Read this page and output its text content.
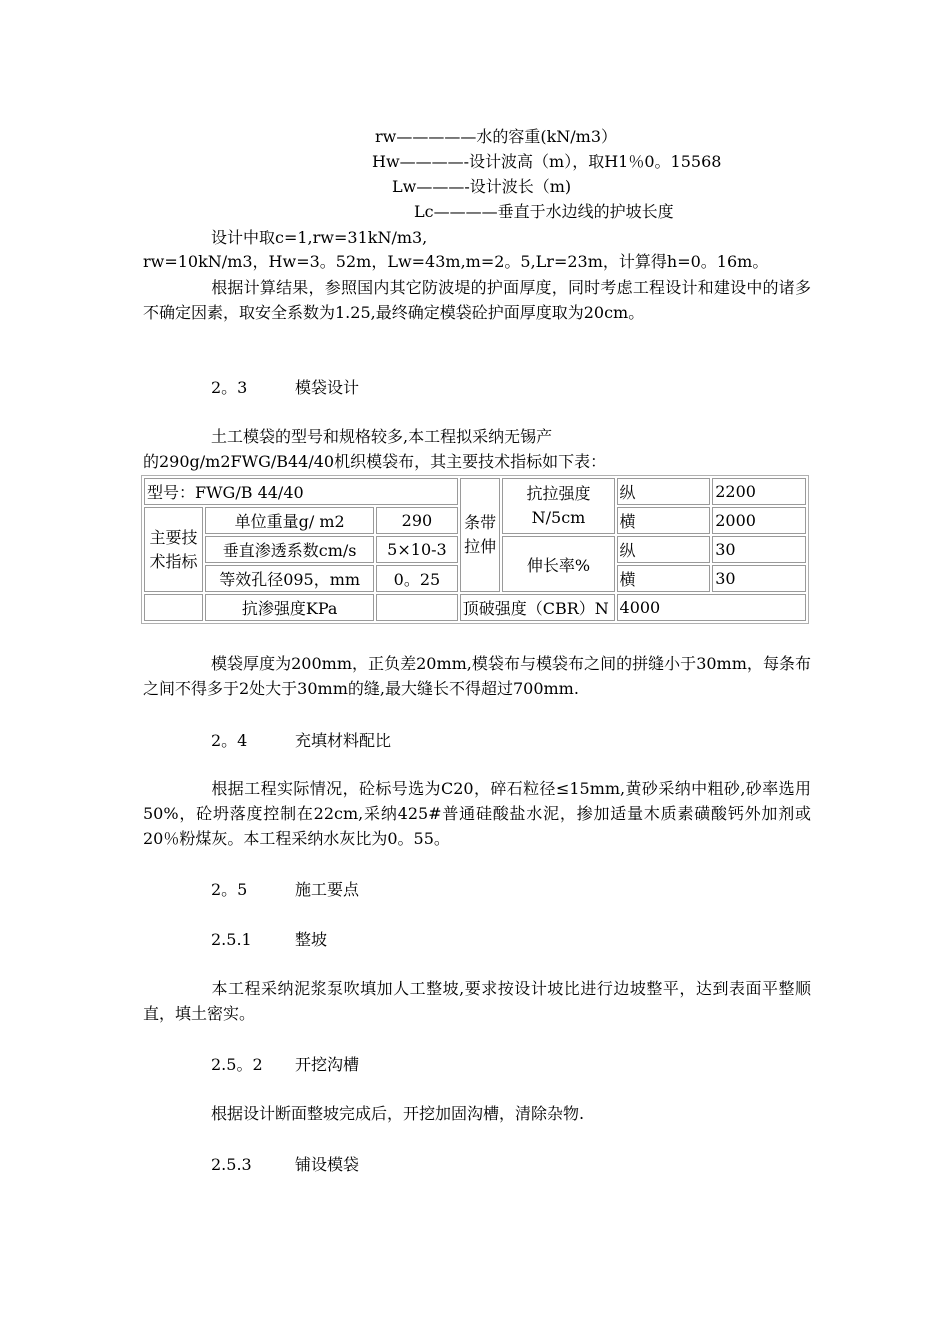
rw—————水的容重(kN/m3）
Hw————-设计波高（m），取H1％0。15568
Lw———-设计波长（m)
Lc————垂直于水边线的护坡长度
设计中取c=1,rw=31kN/m3,
rw=10kN/m3，Hw=3。52m，Lw=43m,m=2。5,Lr=23m，计算得h=0。16m。
根据计算结果，参照国内其它防波堤的护面厚度，同时考虑工程设计和建设中的诸多不确定因素，取安全系数为1.25,最终确定模袋砼护面厚度取为20cm。
2。3	模袋设计
土工模袋的型号和规格较多,本工程拟采纳无锡产
的290g/m2FWG/B44/40机织模袋布，其主要技术指标如下表：
型号：FWG/B 44/40			条带拉伸	抗拉强度N/5cm	纵	2200
主要技术指标	单位重量g/ m2	290			横	2000
	垂直渗透系数cm/s	5×10-3		伸长率%	纵	30
	等效孔径095，mm	0。25			横	30
	抗渗强度KPa		顶破强度（CBR）N		4000	
模袋厚度为200mm，正负差20mm,模袋布与模袋布之间的拼缝小于30mm，每条布之间不得多于2处大于30mm的缝,最大缝长不得超过700mm.
2。4	充填材料配比
根据工程实际情况，砼标号选为C20，碎石粒径≤15mm,黄砂采纳中粗砂,砂率选用50%，砼坍落度控制在22cm,采纳425#普通硅酸盐水泥，掺加适量木质素磺酸钙外加剂或20％粉煤灰。本工程采纳水灰比为0。55。
2。5	施工要点
2.5.1	整坡
本工程采纳泥浆泵吹填加人工整坡,要求按设计坡比进行边坡整平，达到表面平整顺直，填土密实。
2.5。2 开挖沟槽
根据设计断面整坡完成后，开挖加固沟槽，清除杂物.
2.5.3	铺设模袋
